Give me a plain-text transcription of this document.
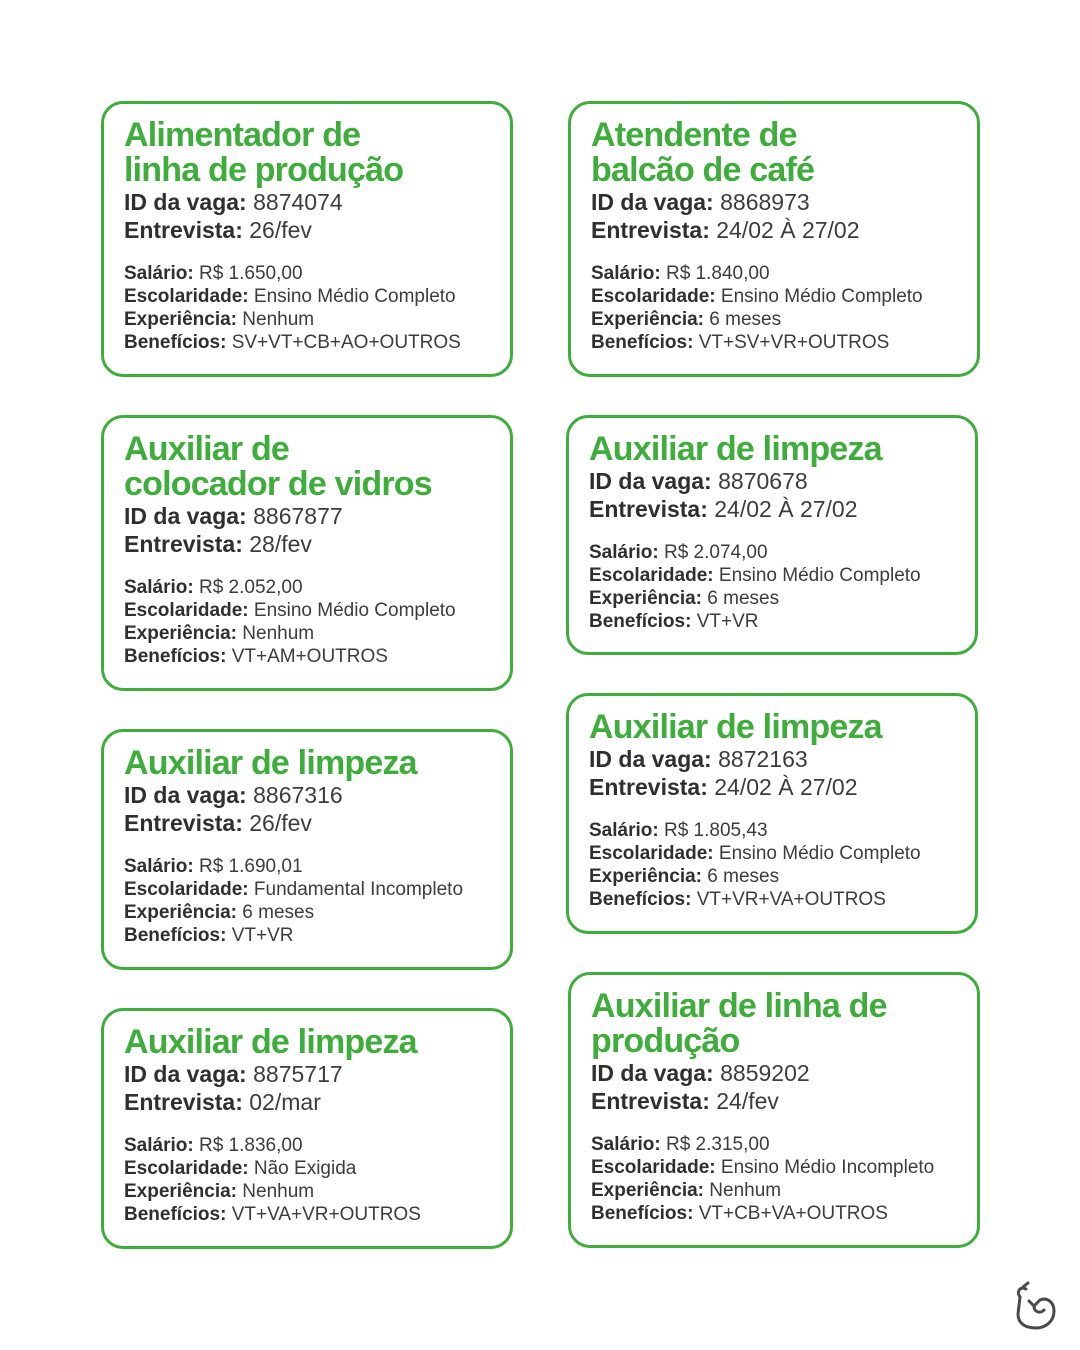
Alimentador de
linha de produção
ID da vaga: 8874074
Entrevista: 26/fev
Salário: R$ 1.650,00
Escolaridade: Ensino Médio Completo
Experiência: Nenhum
Benefícios: SV+VT+CB+AO+OUTROS
Atendente de
balcão de café
ID da vaga: 8868973
Entrevista: 24/02 À 27/02
Salário: R$ 1.840,00
Escolaridade: Ensino Médio Completo
Experiência: 6 meses
Benefícios: VT+SV+VR+OUTROS
Auxiliar de
colocador de vidros
ID da vaga: 8867877
Entrevista: 28/fev
Salário: R$ 2.052,00
Escolaridade: Ensino Médio Completo
Experiência: Nenhum
Benefícios: VT+AM+OUTROS
Auxiliar de limpeza
ID da vaga: 8870678
Entrevista: 24/02 À 27/02
Salário: R$ 2.074,00
Escolaridade: Ensino Médio Completo
Experiência: 6 meses
Benefícios: VT+VR
Auxiliar de limpeza
ID da vaga: 8867316
Entrevista: 26/fev
Salário: R$ 1.690,01
Escolaridade: Fundamental Incompleto
Experiência: 6 meses
Benefícios: VT+VR
Auxiliar de limpeza
ID da vaga: 8872163
Entrevista: 24/02 À 27/02
Salário: R$ 1.805,43
Escolaridade: Ensino Médio Completo
Experiência: 6 meses
Benefícios: VT+VR+VA+OUTROS
Auxiliar de limpeza
ID da vaga: 8875717
Entrevista: 02/mar
Salário: R$ 1.836,00
Escolaridade: Não Exigida
Experiência: Nenhum
Benefícios: VT+VA+VR+OUTROS
Auxiliar de linha de
produção
ID da vaga: 8859202
Entrevista: 24/fev
Salário: R$ 2.315,00
Escolaridade: Ensino Médio Incompleto
Experiência: Nenhum
Benefícios: VT+CB+VA+OUTROS
